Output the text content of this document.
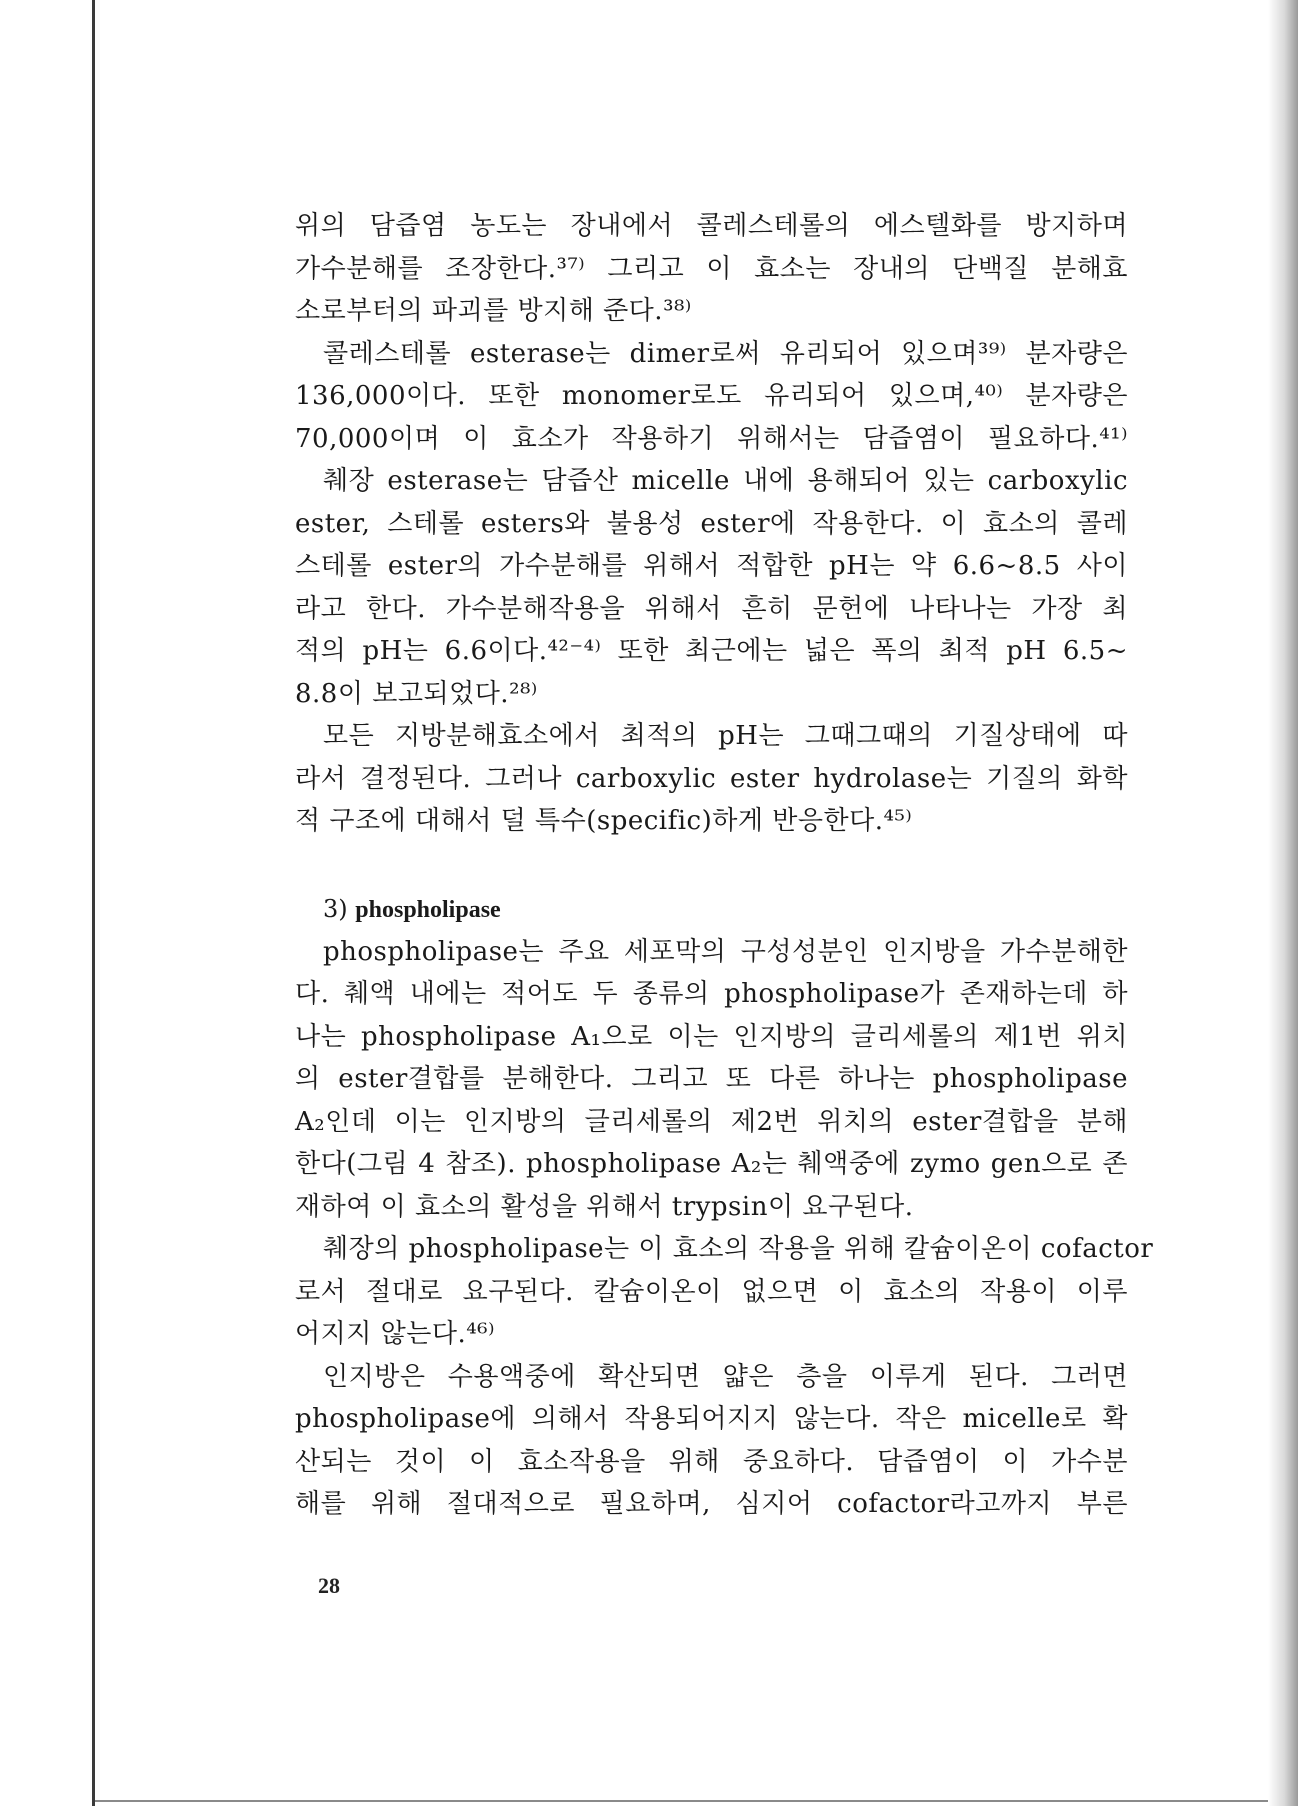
위의 담즙염 농도는 장내에서 콜레스테롤의 에스텔화를 방지하며
가수분해를 조장한다.³⁷⁾ 그리고 이 효소는 장내의 단백질 분해효
소로부터의 파괴를 방지해 준다.³⁸⁾
콜레스테롤 esterase는 dimer로써 유리되어 있으며³⁹⁾ 분자량은
136,000이다. 또한 monomer로도 유리되어 있으며,⁴⁰⁾ 분자량은
70,000이며 이 효소가 작용하기 위해서는 담즙염이 필요하다.⁴¹⁾
췌장 esterase는 담즙산 micelle 내에 용해되어 있는 carboxylic
ester, 스테롤 esters와 불용성 ester에 작용한다. 이 효소의 콜레
스테롤 ester의 가수분해를 위해서 적합한 pH는 약 6.6~8.5 사이
라고 한다. 가수분해작용을 위해서 흔히 문헌에 나타나는 가장 최
적의 pH는 6.6이다.⁴²⁻⁴⁾ 또한 최근에는 넓은 폭의 최적 pH 6.5~
8.8이 보고되었다.²⁸⁾
모든 지방분해효소에서 최적의 pH는 그때그때의 기질상태에 따
라서 결정된다. 그러나 carboxylic ester hydrolase는 기질의 화학
적 구조에 대해서 덜 특수(specific)하게 반응한다.⁴⁵⁾
3) phospholipase
phospholipase는 주요 세포막의 구성성분인 인지방을 가수분해한
다. 췌액 내에는 적어도 두 종류의 phospholipase가 존재하는데 하
나는 phospholipase A₁으로 이는 인지방의 글리세롤의 제1번 위치
의 ester결합를 분해한다. 그리고 또 다른 하나는 phospholipase
A₂인데 이는 인지방의 글리세롤의 제2번 위치의 ester결합을 분해
한다(그림 4 참조). phospholipase A₂는 췌액중에 zymo gen으로 존
재하여 이 효소의 활성을 위해서 trypsin이 요구된다.
췌장의 phospholipase는 이 효소의 작용을 위해 칼슘이온이 cofactor
로서 절대로 요구된다. 칼슘이온이 없으면 이 효소의 작용이 이루
어지지 않는다.⁴⁶⁾
인지방은 수용액중에 확산되면 얇은 층을 이루게 된다. 그러면
phospholipase에 의해서 작용되어지지 않는다. 작은 micelle로 확
산되는 것이 이 효소작용을 위해 중요하다. 담즙염이 이 가수분
해를 위해 절대적으로 필요하며, 심지어 cofactor라고까지 부른
28
